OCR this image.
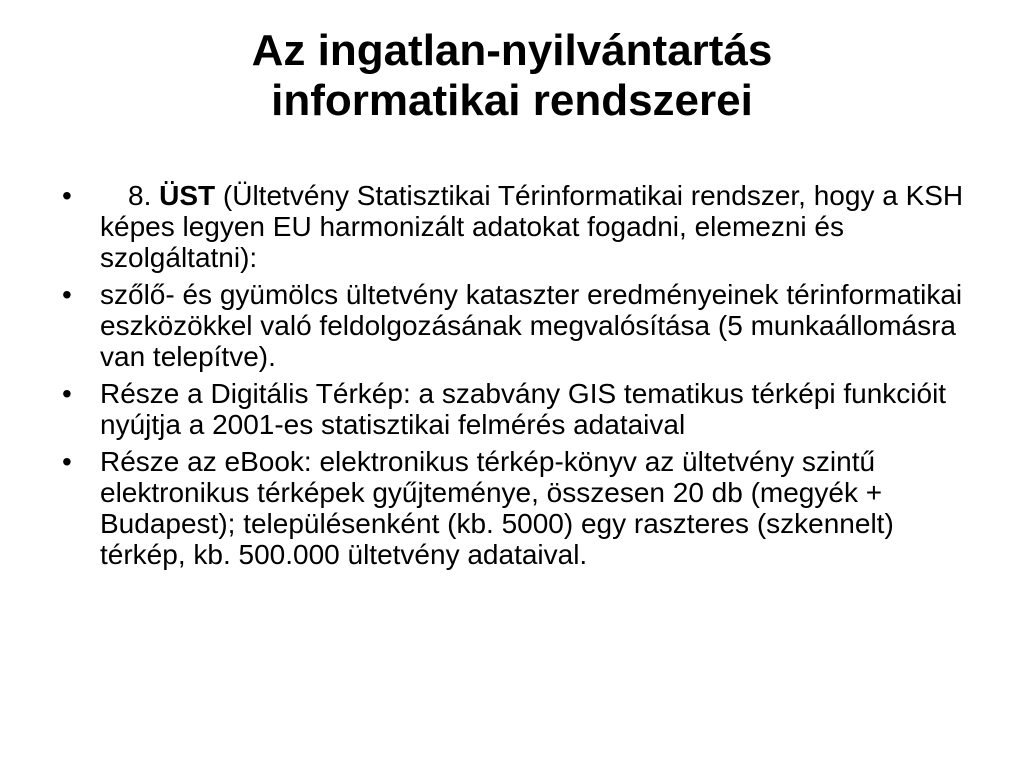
Az ingatlan-nyilvántartás
informatikai rendszerei
•	8. ÜST (Ültetvény Statisztikai Térinformatikai rendszer, hogy a KSH képes legyen EU harmonizált adatokat fogadni, elemezni és szolgáltatni):
•	szőlő- és gyümölcs ültetvény kataszter eredményeinek térinformatikai eszközökkel való feldolgozásának megvalósítása (5 munkaállomásra van telepítve).
•	Része a Digitális Térkép: a szabvány GIS tematikus térképi funkcióit nyújtja a 2001-es statisztikai felmérés adataival
•	Része az eBook: elektronikus térkép-könyv az ültetvény szintű elektronikus térképek gyűjteménye, összesen 20 db (megyék + Budapest); településenként (kb. 5000) egy raszteres (szkennelt) térkép, kb. 500.000 ültetvény adataival.
